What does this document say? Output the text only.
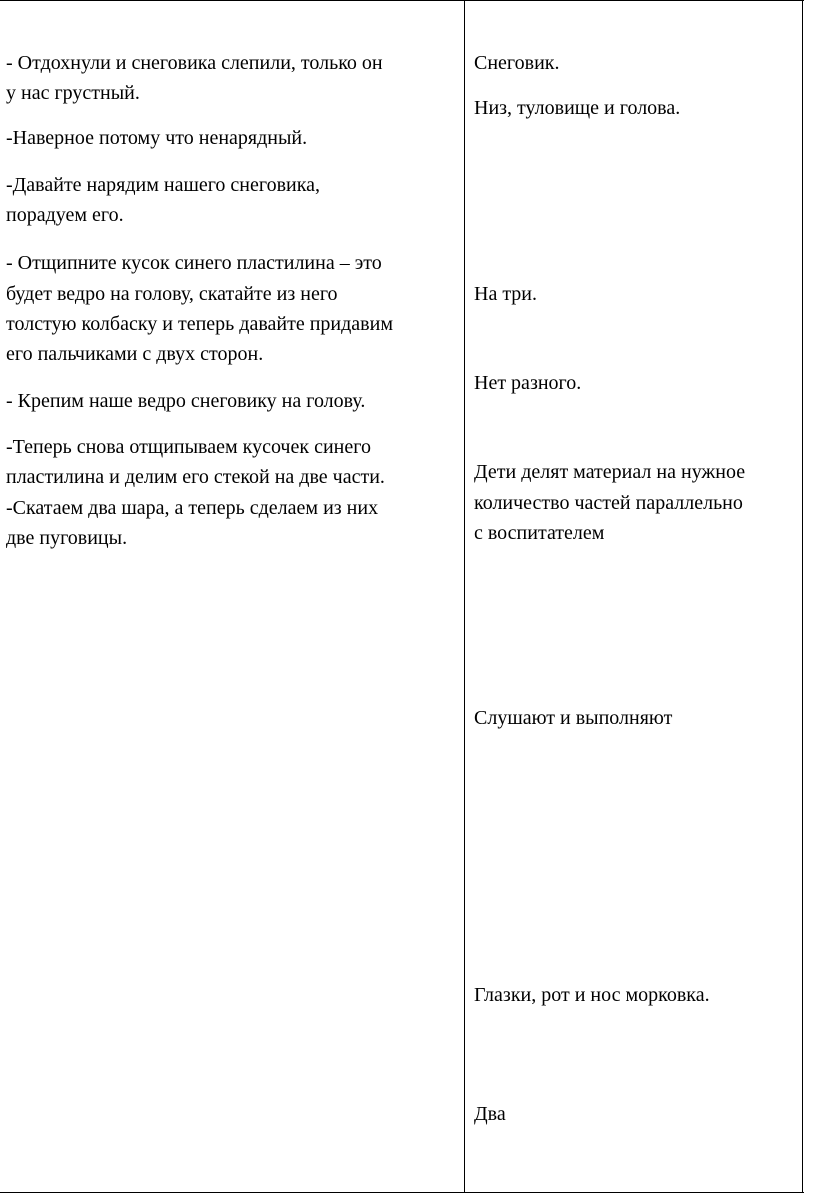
- Отдохнули и снеговика слепили, только он

у нас грустный.

-Наверное потому что ненарядный.

-Давайте нарядим нашего снеговика,

порадуем его.

- Отщипните кусок синего пластилина – это

будет ведро на голову, скатайте из него

толстую колбаску и теперь давайте придавим

его пальчиками с двух сторон.

- Крепим наше ведро снеговику на голову.

-Теперь снова отщипываем кусочек синего

пластилина и делим его стекой на две части.

-Скатаем два шара, а теперь сделаем из них

две пуговицы.

Снеговик.

Низ, туловище и голова.

На три.

Нет разного.

Дети делят материал на нужное

количество частей параллельно

с воспитателем

Слушают и выполняют

Глазки, рот и нос морковка.

Два
